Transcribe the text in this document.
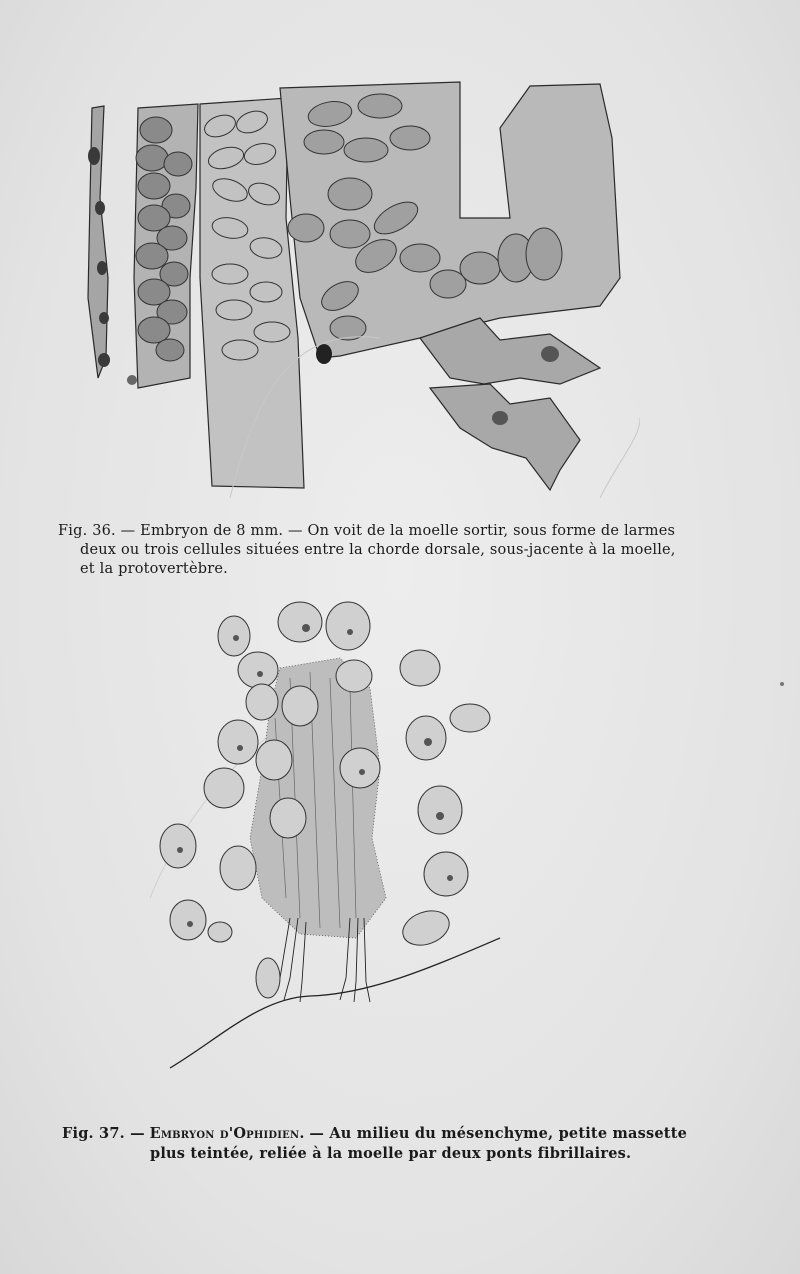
Fig. 36. — Embryon de 8 mm. — On voit de la moelle sortir, sous forme de larmes

deux ou trois cellules situées entre la chorde dorsale, sous-jacente à la moelle,

et la protovertèbre.

Fig. 37. — Embryon d'Ophidien. — Au milieu du mésenchyme, petite massette

plus teintée, reliée à la moelle par deux ponts fibrillaires.
